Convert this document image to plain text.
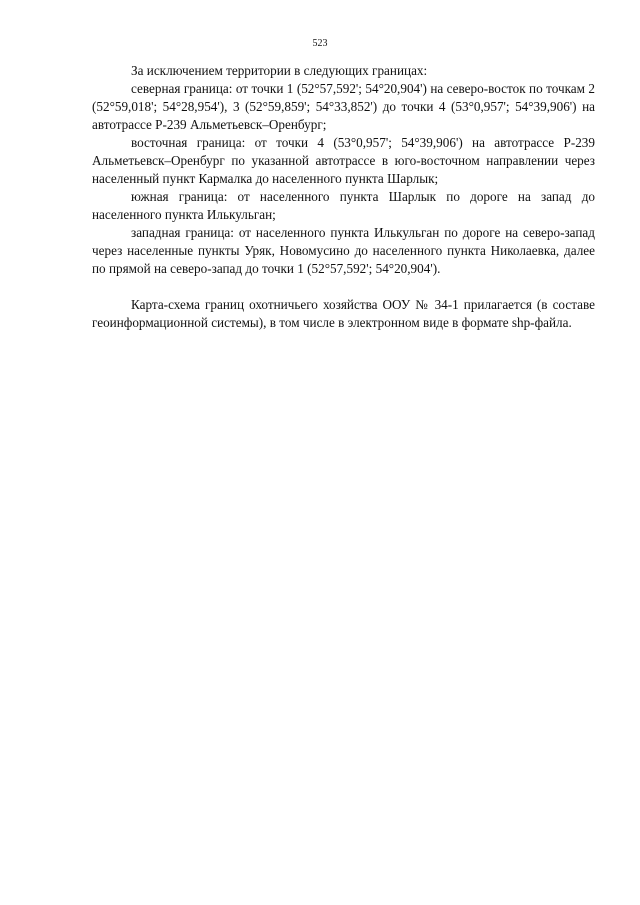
523

За исключением территории в следующих границах:

северная граница: от точки 1 (52°57,592'; 54°20,904') на северо-восток по точкам 2 (52°59,018'; 54°28,954'), 3 (52°59,859'; 54°33,852') до точки 4 (53°0,957'; 54°39,906') на автотрассе Р-239 Альметьевск–Оренбург;

восточная граница: от точки 4 (53°0,957'; 54°39,906') на автотрассе Р-239 Альметьевск–Оренбург по указанной автотрассе в юго-восточном направлении через населенный пункт Кармалка до населенного пункта Шарлык;

южная граница: от населенного пункта Шарлык по дороге на запад до населенного пункта Илькульган;

западная граница: от населенного пункта Илькульган по дороге на северо-запад через населенные пункты Уряк, Новомусино до населенного пункта Николаевка, далее по прямой на северо-запад до точки 1 (52°57,592'; 54°20,904').

Карта-схема границ охотничьего хозяйства ООУ № 34-1 прилагается (в составе геоинформационной системы), в том числе в электронном виде в формате shp-файла.
